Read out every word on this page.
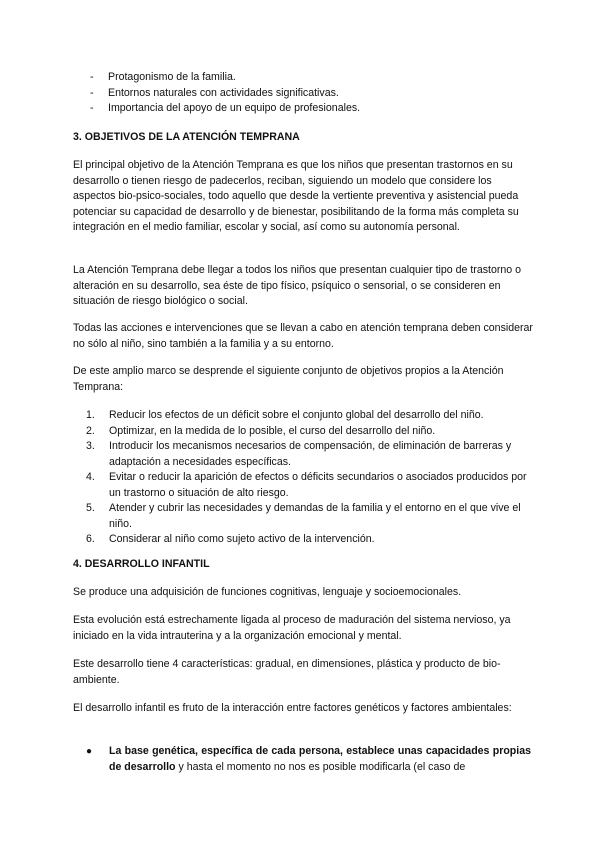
- Protagonismo de la familia.
- Entornos naturales con actividades significativas.
- Importancia del apoyo de un equipo de profesionales.
3. OBJETIVOS DE LA ATENCIÓN TEMPRANA

El principal objetivo de la Atención Temprana es que los niños que presentan trastornos en su desarrollo o tienen riesgo de padecerlos, reciban, siguiendo un modelo que considere los aspectos bio-psico-sociales, todo aquello que desde la vertiente preventiva y asistencial pueda potenciar su capacidad de desarrollo y de bienestar, posibilitando de la forma más completa su integración en el medio familiar, escolar y social, así como su autonomía personal.

La Atención Temprana debe llegar a todos los niños que presentan cualquier tipo de trastorno o alteración en su desarrollo, sea éste de tipo físico, psíquico o sensorial, o se consideren en situación de riesgo biológico o social.

Todas las acciones e intervenciones que se llevan a cabo en atención temprana deben considerar no sólo al niño, sino también a la familia y a su entorno.

De este amplio marco se desprende el siguiente conjunto de objetivos propios a la Atención Temprana:

1. Reducir los efectos de un déficit sobre el conjunto global del desarrollo del niño.
2. Optimizar, en la medida de lo posible, el curso del desarrollo del niño.
3. Introducir los mecanismos necesarios de compensación, de eliminación de barreras y adaptación a necesidades específicas.
4. Evitar o reducir la aparición de efectos o déficits secundarios o asociados producidos por un trastorno o situación de alto riesgo.
5. Atender y cubrir las necesidades y demandas de la familia y el entorno en el que vive el niño.
6. Considerar al niño como sujeto activo de la intervención.
4. DESARROLLO INFANTIL

Se produce una adquisición de funciones cognitivas, lenguaje y socioemocionales.

Esta evolución está estrechamente ligada al proceso de maduración del sistema nervioso, ya iniciado en la vida intrauterina y a la organización emocional y mental.

Este desarrollo tiene 4 características: gradual, en dimensiones, plástica y producto de bio-ambiente.

El desarrollo infantil es fruto de la interacción entre factores genéticos y factores ambientales:

● La base genética, específica de cada persona, establece unas capacidades propias de desarrollo y hasta el momento no nos es posible modificarla (el caso de
